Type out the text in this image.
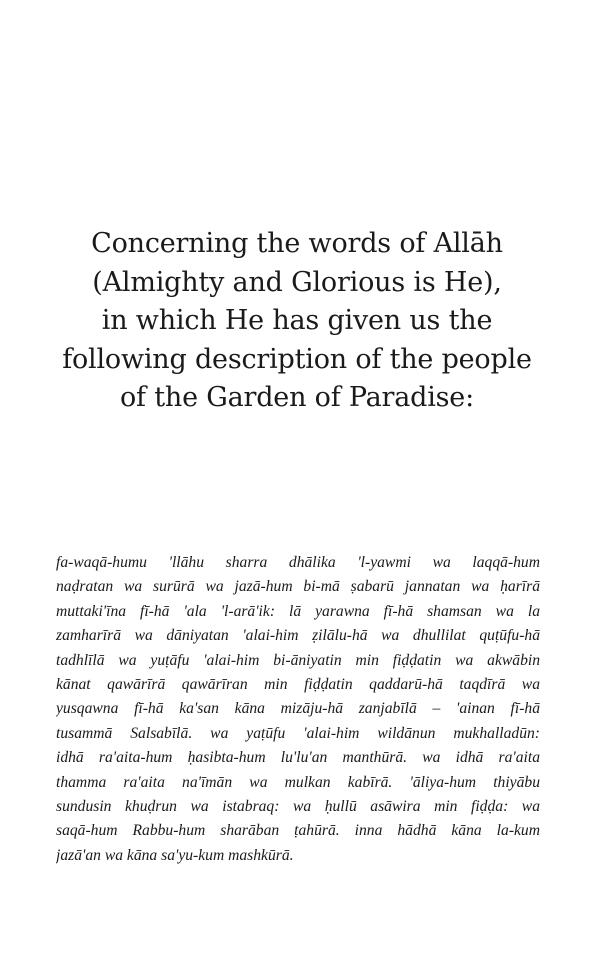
Concerning the words of Allāh
(Almighty and Glorious is He),
in which He has given us the
following description of the people
of the Garden of Paradise:
fa-waqā-humu 'llāhu sharra dhālika 'l-yawmi wa laqqā-hum
naḍratan wa surūrā wa jazā-hum bi-mā ṣabarū jannatan wa ḥarīrā
muttaki'īna fī-hā 'ala 'l-arā'ik: lā yarawna fī-hā shamsan wa la
zamharīrā wa dāniyatan 'alai-him ẓilālu-hā wa dhullilat quṭūfu-hā
tadhlīlā wa yuṭāfu 'alai-him bi-āniyatin min fiḍḍatin wa akwābin
kānat qawārīrā qawārīran min fiḍḍatin qaddarū-hā taqdīrā wa
yusqawna fī-hā ka'san kāna mizāju-hā zanjabīlā – 'ainan fī-hā
tusammā Salsabīlā. wa yaṭūfu 'alai-him wildānun mukhalladūn:
idhā ra'aita-hum ḥasibta-hum lu'lu'an manthūrā. wa idhā ra'aita
thamma ra'aita na'īmān wa mulkan kabīrā. 'āliya-hum thiyābu
sundusin khuḍrun wa istabraq: wa ḥullū asāwira min fiḍḍa: wa
saqā-hum Rabbu-hum sharāban ṭahūrā. inna hādhā kāna la-kum
jazā'an wa kāna sa'yu-kum mashkūrā.
